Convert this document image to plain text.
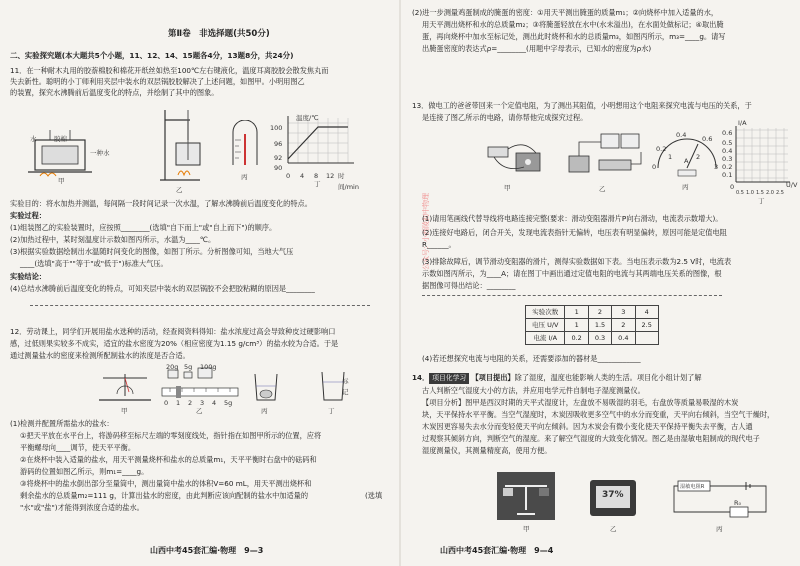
第Ⅱ卷　非选择题(共50分)
二、实验探究题(本大题共5个小题，11、12、14、15题各4分，13题8分，共24分)
11．在一种耐木丸用的胶萘棉胶和棉花开纸丝如热至100℃左右键液化，温度耳离胶胶会散发焦丸而
失去新性。聪明的小丁师利用夹层中装水的双层锅胶胶解决了上述问题，如图甲。小明用图乙
的装置，探究水沸腾前后温度变化的特点，并绘制了其中的图象。
水	胶棉
一种水
甲
乙
丙
温度/℃
100
96
92
90
0 4 8 12 时间/min
丁
实验目的：将水加热并测温，每间隔一段时间记录一次水温，了解水沸腾前后温度变化的特点。
实验过程：
(1)组装图乙的实验装置时，应按照________(选填"自下而上"或"自上而下")的顺序。
(2)加热过程中，某时刻温度计示数如图丙所示，水温为____℃。
(3)根据实验数据绘制出水温随时间变化的图像，如图丁所示。分析图像可知，当地大气压
____(选填"高于""等于"或"低于")标准大气压。
实验结论：
(4)总结水沸腾前后温度变化的特点，可知夹层中装水的双层锅胶不会把胶粘糊的原因是________
12．劳动课上，同学们开展用盐水选种的活动，经查阅资料得知：盐水浓度过高会导致种皮过硬影响口
感，过低则果实较多不成实，适宜的盐水密度为20%（相应密度为1.15 g/cm³）的盐水较为合适。于是
通过测量盐水的密度来检测所配制盐水的浓度是否合适。
甲
20g 5g 100g
0 1 2 3 4 5g
乙	丙
标记
丁
(1)检测并配置所需盐水的盐水：
①把天平放在水平台上，将游码移至标尺左端的零刻度线处，指针指在如图甲所示的位置，应将
平衡螺母向____调节，使天平平衡。
②在烧杯中装入适量的盐水，用天平测量烧杯和盐水的总质量m₁，天平平衡时右盘中的砝码和
游码的位置如图乙所示，则m₁=____g。
③将烧杯中的盐水倒出部分至量筒中，测出量筒中盐水的体积V=60 mL，用天平测出烧杯和
剩余盐水的总质量m₂=111 g，计算出盐水的密度，由此判断应该向配制的盐水中加适量的
"水"或"盐")才能得到浓度合适的盐水。
(选填
山西中考45套汇编·物理　9—3
公众号：小西陵初中物理
(2)进一步测量鸡蛋制成的腌蛋的密度：①用天平测出腌蛋的质量m₁；②向烧杯中加入适量的水，
用天平测出烧杯和水的总质量m₂；③将腌蛋轻放在水中(水未溢出)，在水面处做标记；④取出腌
蛋，再向烧杯中加水至标记处，测出此时烧杯和水的总质量m₃，如图丙所示，m₃=____g。请写
出腌蛋密度的表达式ρ=________(用题中字母表示，已知水的密度为ρ水)
13．做电工的爸爸带回来一个定值电阻，为了测出其阻值，小明想用这个电阻来探究电流与电压的关系，于
是连接了图乙所示的电路，请你帮他完成探究过程。
甲	乙
0.2
0.4 0.6
A
0
1	2
3
丙
I/A
0.6
0.5
0.4
0.3
0.2
0.1
0
0.5 1.0 1.5 2.0 2.5
U/V
丁
(1)请用笔画线代替导线将电路连接完整(要求：滑动变阻器滑片P向右滑动，电流表示数增大)。
(2)连接好电路后，闭合开关，发现电流表指针无偏转，电压表有明显偏转，原因可能是定值电阻
R______。
(3)排除故障后，调节滑动变阻器的滑片，测得实验数据如下表。当电压表示数为2.5 V时，电流表
示数如图丙所示，为____A；请在图丁中画出通过定值电阻的电流与其两端电压关系的图像，根
据图像可得出结论：________
实验次数	1	2	3	4
电压 U/V	1	1.5	2	2.5
电流 I/A	0.2	0.3	0.4	
(4)若还想探究电流与电阻的关系，还需要添加的器材是____________
14． 项目化学习 【项目提出】除了湿度，温度也能影响人类的生活。项目化小组计划了解
古人判断空气湿度大小的方法，并应用电学元件自制电子湿度测量仪。
【项目分析】图甲是西汉时期的天平式湿度计，左盘放不易吸湿的羽毛，右盘放等质量易吸湿的木炭
块，天平保持水平平衡。当空气湿度时，木炭因吸收更多空气中的水分而变重，天平向右倾斜，当空气干燥时，
木炭因更容易失去水分而变轻使天平向左倾斜。因为木炭会有微小变化使天平保持平衡失去平衡，古人通
过观察其倾斜方向，判断空气的湿度。来了解空气湿度的大致变化情况。图乙是由湿敏电阻制成的现代电子
湿度测量仪，其测量精度高，使用方便。
甲
37%
乙
湿敏电阻R
R₀
丙
山西中考45套汇编·物理　9—4
